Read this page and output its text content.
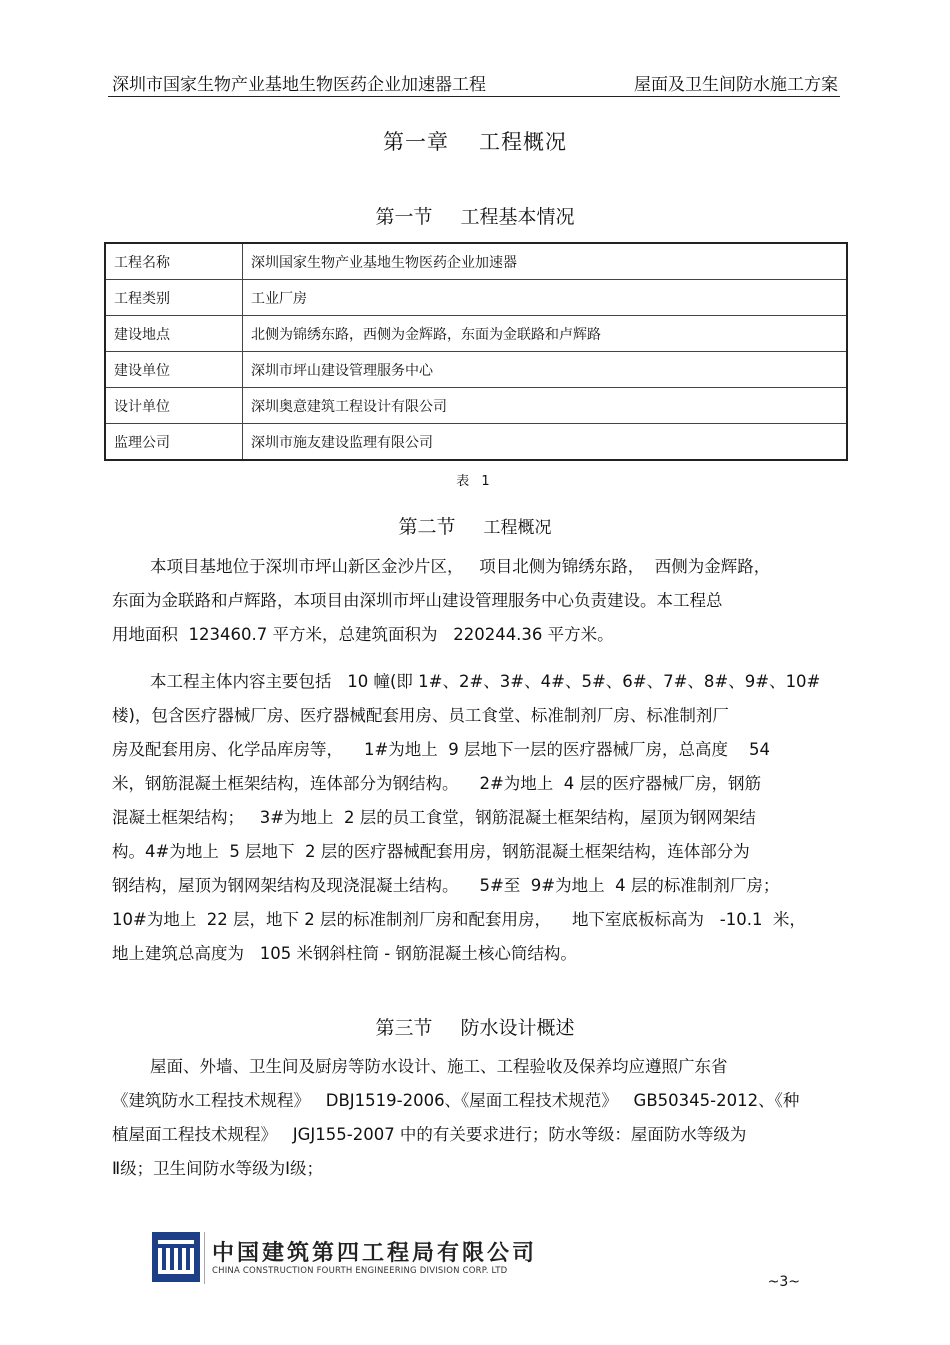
深圳市国家生物产业基地生物医药企业加速器工程	屋面及卫生间防水施工方案
第一章 工程概况
第一节 工程基本情况
工程名称	深圳国家生物产业基地生物医药企业加速器
工程类别	工业厂房
建设地点	北侧为锦绣东路，西侧为金辉路，东面为金联路和卢辉路
建设单位	深圳市坪山建设管理服务中心
设计单位	深圳奥意建筑工程设计有限公司
监理公司	深圳市施友建设监理有限公司
表 1
第二节 工程概况
本项目基地位于深圳市坪山新区金沙片区，   项目北侧为锦绣东路，  西侧为金辉路，
东面为金联路和卢辉路，本项目由深圳市坪山建设管理服务中心负责建设。本工程总
用地面积  123460.7 平方米，总建筑面积为   220244.36 平方米。
本工程主体内容主要包括   10 幢(即 1#、2#、3#、4#、5#、6#、7#、8#、9#、10#
楼)，包含医疗器械厂房、医疗器械配套用房、员工食堂、标准制剂厂房、标准制剂厂
房及配套用房、化学品库房等，    1#为地上  9 层地下一层的医疗器械厂房，总高度    54
米，钢筋混凝土框架结构，连体部分为钢结构。    2#为地上  4 层的医疗器械厂房，钢筋
混凝土框架结构；   3#为地上  2 层的员工食堂，钢筋混凝土框架结构，屋顶为钢网架结
构。4#为地上  5 层地下  2 层的医疗器械配套用房，钢筋混凝土框架结构，连体部分为
钢结构，屋顶为钢网架结构及现浇混凝土结构。    5#至  9#为地上  4 层的标准制剂厂房；
10#为地上  22 层，地下 2 层的标准制剂厂房和配套用房，    地下室底板标高为   -10.1  米，
地上建筑总高度为   105 米钢斜柱筒 - 钢筋混凝土核心筒结构。
第三节 防水设计概述
屋面、外墙、卫生间及厨房等防水设计、施工、工程验收及保养均应遵照广东省
《建筑防水工程技术规程》   DBJ1519-2006、《屋面工程技术规范》   GB50345-2012、《种
植屋面工程技术规程》   JGJ155-2007 中的有关要求进行；防水等级：屋面防水等级为
Ⅱ级；卫生间防水等级为Ⅰ级；
中国建筑第四工程局有限公司
CHINA CONSTRUCTION FOURTH ENGINEERING DIVISION CORP. LTD
~3~
